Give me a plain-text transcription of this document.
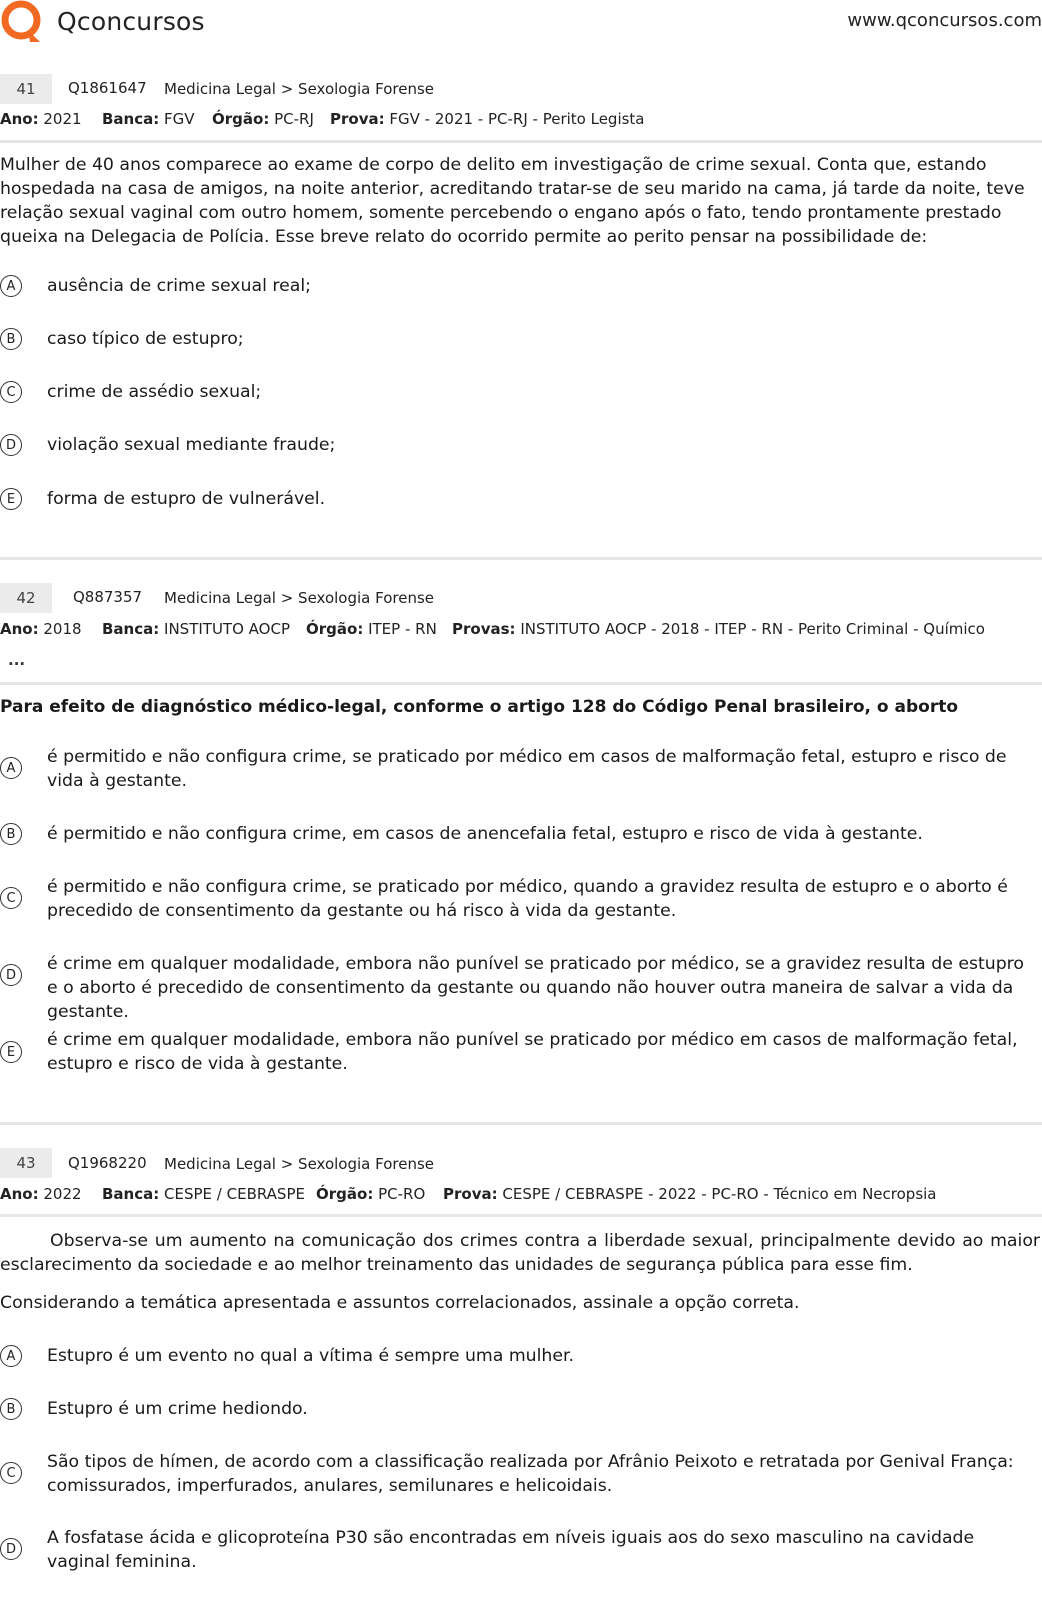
Qconcursos	www.qconcursos.com
41	Q1861647 Medicina Legal > Sexologia Forense
Ano: 2021 Banca: FGV Órgão: PC-RJ Prova: FGV - 2021 - PC-RJ - Perito Legista
Mulher de 40 anos comparece ao exame de corpo de delito em investigação de crime sexual. Conta que, estando hospedada na casa de amigos, na noite anterior, acreditando tratar-se de seu marido na cama, já tarde da noite, teve relação sexual vaginal com outro homem, somente percebendo o engano após o fato, tendo prontamente prestado queixa na Delegacia de Polícia. Esse breve relato do ocorrido permite ao perito pensar na possibilidade de:
A	ausência de crime sexual real;
B	caso típico de estupro;
C	crime de assédio sexual;
D	violação sexual mediante fraude;
E	forma de estupro de vulnerável.
42	Q887357 Medicina Legal > Sexologia Forense
Ano: 2018 Banca: INSTITUTO AOCP Órgão: ITEP - RN Provas: INSTITUTO AOCP - 2018 - ITEP - RN - Perito Criminal - Químico
...
Para efeito de diagnóstico médico-legal, conforme o artigo 128 do Código Penal brasileiro, o aborto
A
é permitido e não configura crime, se praticado por médico em casos de malformação fetal, estupro e risco de vida à gestante.
B	é permitido e não configura crime, em casos de anencefalia fetal, estupro e risco de vida à gestante.
C
é permitido e não configura crime, se praticado por médico, quando a gravidez resulta de estupro e o aborto é precedido de consentimento da gestante ou há risco à vida da gestante.
D
é crime em qualquer modalidade, embora não punível se praticado por médico, se a gravidez resulta de estupro e o aborto é precedido de consentimento da gestante ou quando não houver outra maneira de salvar a vida da gestante.
E
é crime em qualquer modalidade, embora não punível se praticado por médico em casos de malformação fetal, estupro e risco de vida à gestante.
43	Q1968220 Medicina Legal > Sexologia Forense
Ano: 2022 Banca: CESPE / CEBRASPE Órgão: PC-RO Prova: CESPE / CEBRASPE - 2022 - PC-RO - Técnico em Necropsia
Observa-se um aumento na comunicação dos crimes contra a liberdade sexual, principalmente devido ao maior esclarecimento da sociedade e ao melhor treinamento das unidades de segurança pública para esse fim.
Considerando a temática apresentada e assuntos correlacionados, assinale a opção correta.
A	Estupro é um evento no qual a vítima é sempre uma mulher.
B	Estupro é um crime hediondo.
C
São tipos de hímen, de acordo com a classificação realizada por Afrânio Peixoto e retratada por Genival França: comissurados, imperfurados, anulares, semilunares e helicoidais.
D
A fosfatase ácida e glicoproteína P30 são encontradas em níveis iguais aos do sexo masculino na cavidade vaginal feminina.
